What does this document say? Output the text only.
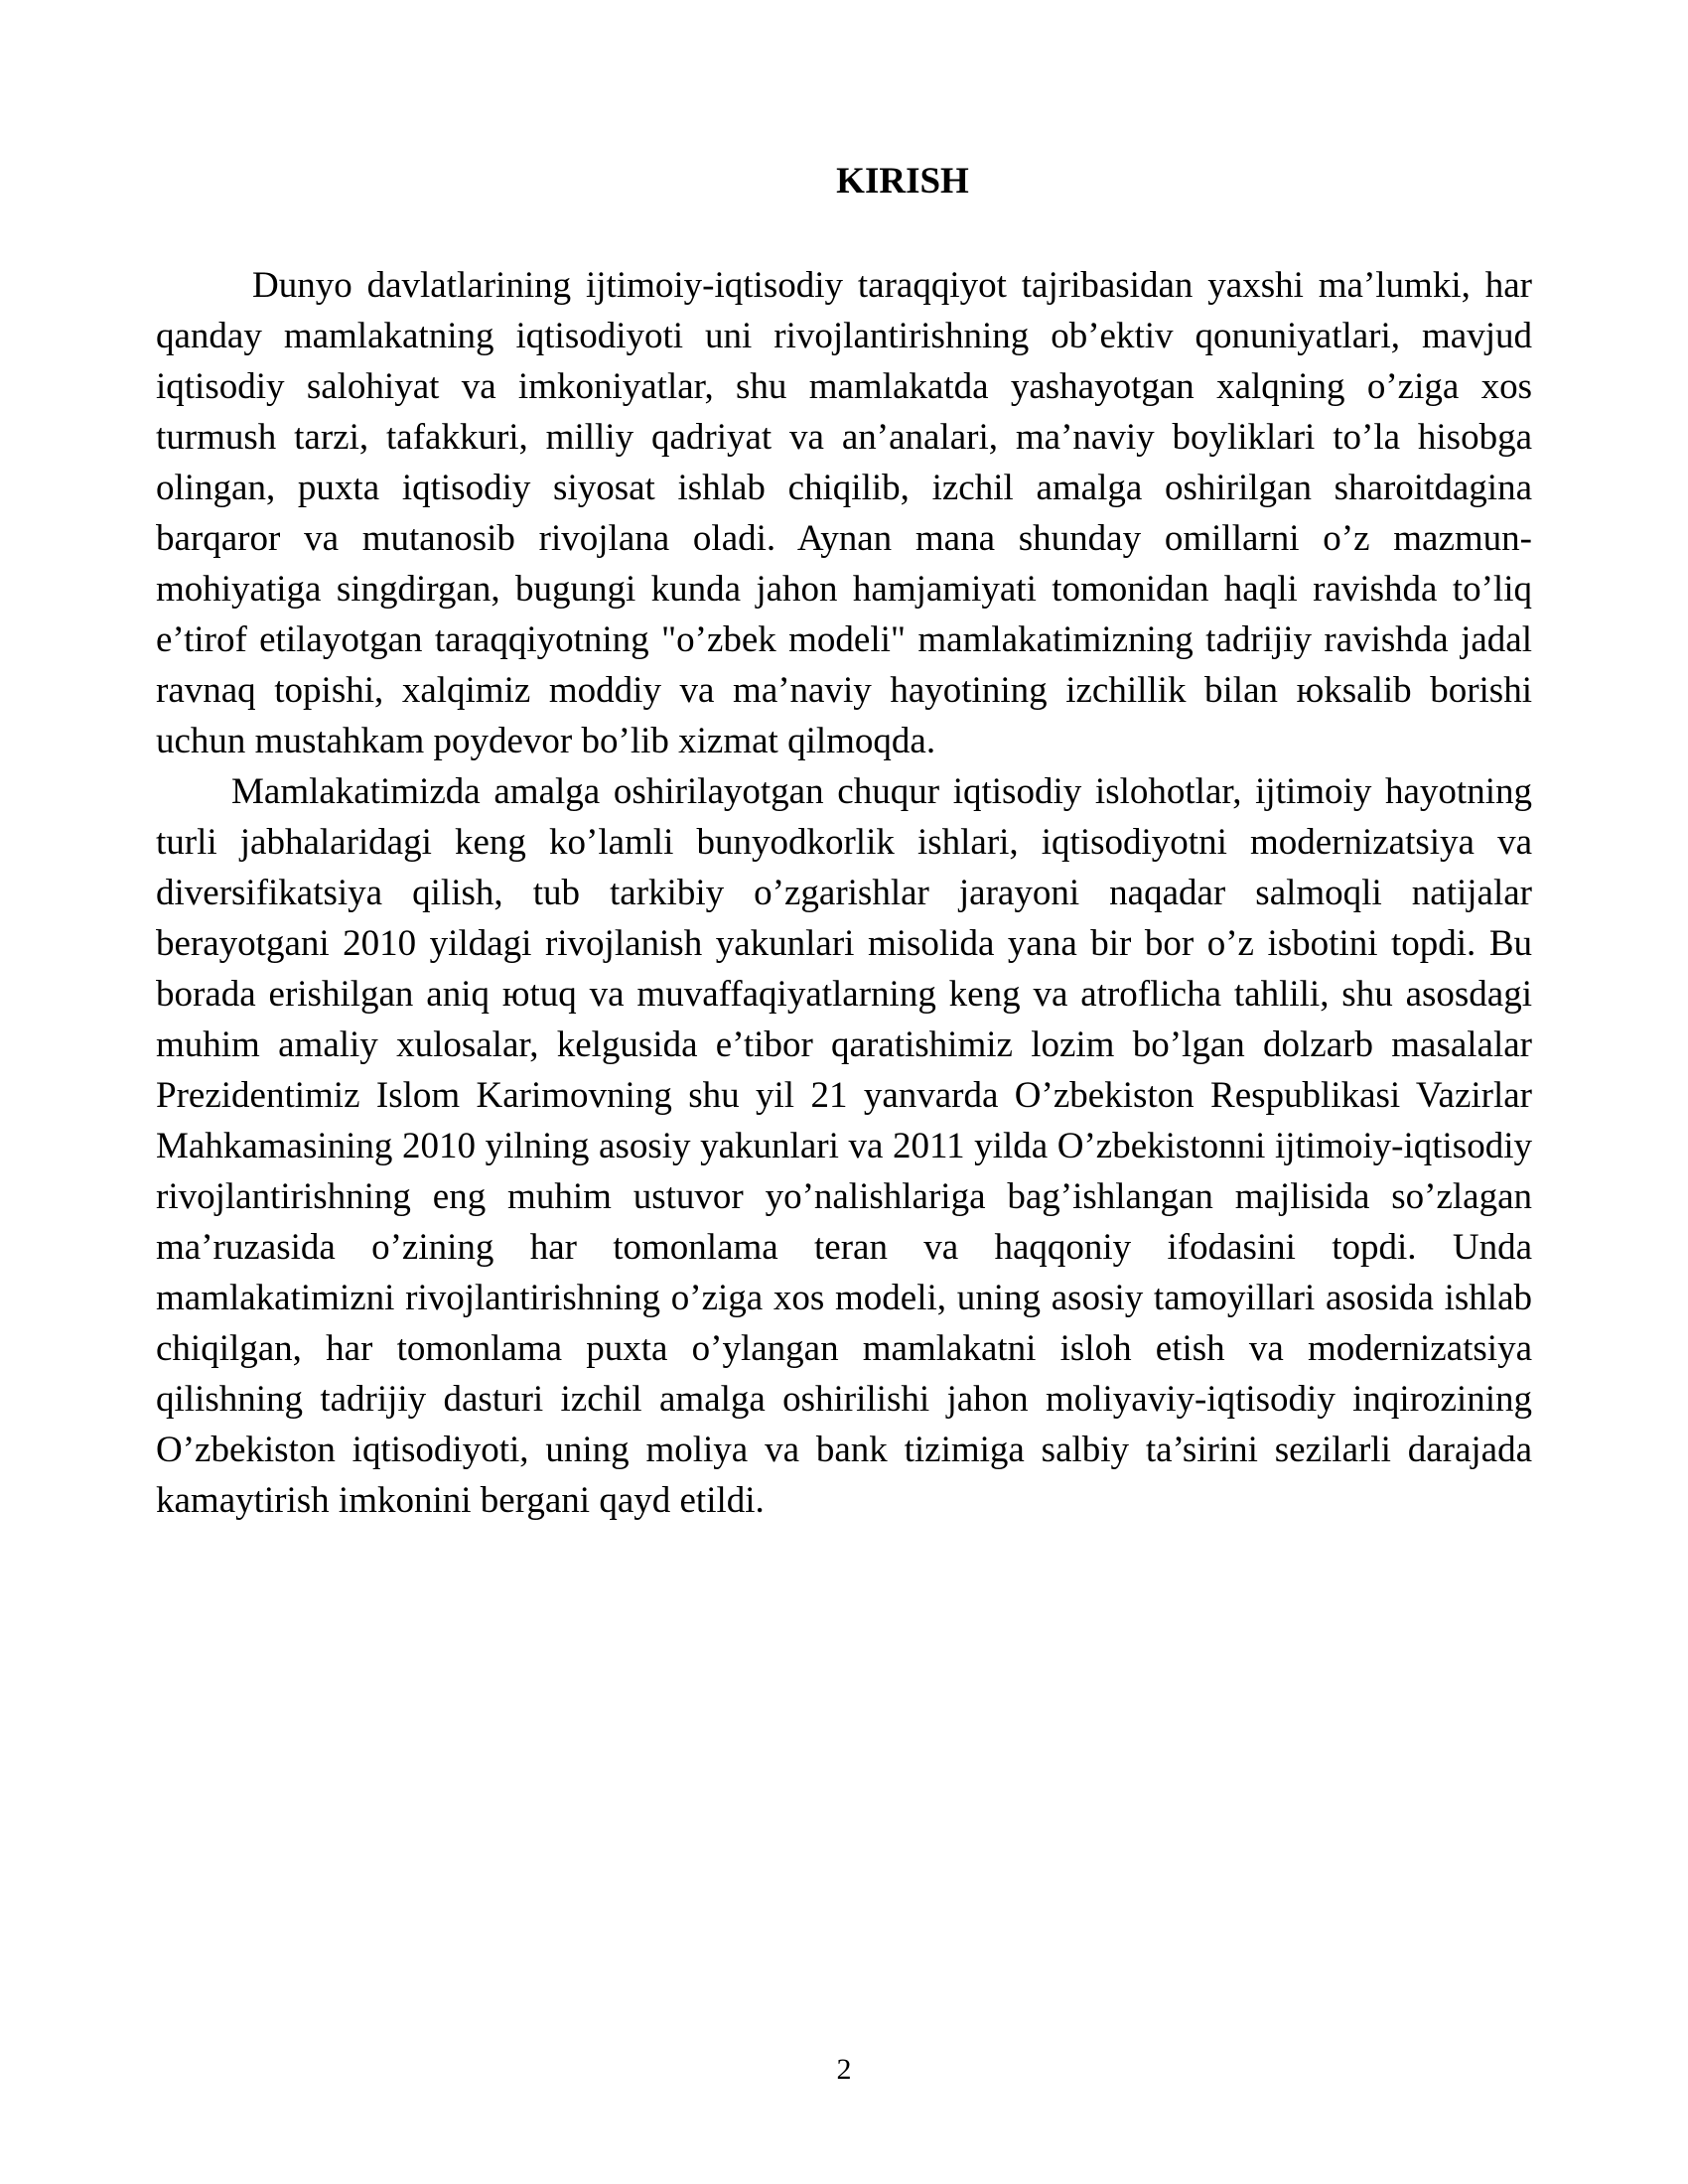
KIRISH

Dunyo davlatlarining ijtimoiy-iqtisodiy taraqqiyot tajribasidan yaxshi ma’lumki, har qanday mamlakatning iqtisodiyoti uni rivojlantirishning ob’ektiv qonuniyatlari, mavjud iqtisodiy salohiyat va imkoniyatlar, shu mamlakatda yashayotgan xalqning o’ziga xos turmush tarzi, tafakkuri, milliy qadriyat va an’analari, ma’naviy boyliklari to’la hisobga olingan, puxta iqtisodiy siyosat ishlab chiqilib, izchil amalga oshirilgan sharoitdagina barqaror va mutanosib rivojlana oladi. Aynan mana shunday omillarni o’z mazmun-mohiyatiga singdirgan, bugungi kunda jahon hamjamiyati tomonidan haqli ravishda to’liq e’tirof etilayotgan taraqqiyotning "o’zbek modeli" mamlakatimizning tadrijiy ravishda jadal ravnaq topishi, xalqimiz moddiy va ma’naviy hayotining izchillik bilan юksalib borishi uchun mustahkam poydevor bo’lib xizmat qilmoqda.

Mamlakatimizda amalga oshirilayotgan chuqur iqtisodiy islohotlar, ijtimoiy hayotning turli jabhalaridagi keng ko’lamli bunyodkorlik ishlari, iqtisodiyotni modernizatsiya va diversifikatsiya qilish, tub tarkibiy o’zgarishlar jarayoni naqadar salmoqli natijalar berayotgani 2010 yildagi rivojlanish yakunlari misolida yana bir bor o’z isbotini topdi. Bu borada erishilgan aniq юtuq va muvaffaqiyatlarning keng va atroflicha tahlili, shu asosdagi muhim amaliy xulosalar, kelgusida e’tibor qaratishimiz lozim bo’lgan dolzarb masalalar Prezidentimiz Islom Karimovning shu yil 21 yanvarda O’zbekiston Respublikasi Vazirlar Mahkamasining 2010 yilning asosiy yakunlari va 2011 yilda O’zbekistonni ijtimoiy-iqtisodiy rivojlantirishning eng muhim ustuvor yo’nalishlariga bag’ishlangan majlisida so’zlagan ma’ruzasida o’zining har tomonlama teran va haqqoniy ifodasini topdi. Unda mamlakatimizni rivojlantirishning o’ziga xos modeli, uning asosiy tamoyillari asosida ishlab chiqilgan, har tomonlama puxta o’ylangan mamlakatni isloh etish va modernizatsiya qilishning tadrijiy dasturi izchil amalga oshirilishi jahon moliyaviy-iqtisodiy inqirozining O’zbekiston iqtisodiyoti, uning moliya va bank tizimiga salbiy ta’sirini sezilarli darajada kamaytirish imkonini bergani qayd etildi.

2
